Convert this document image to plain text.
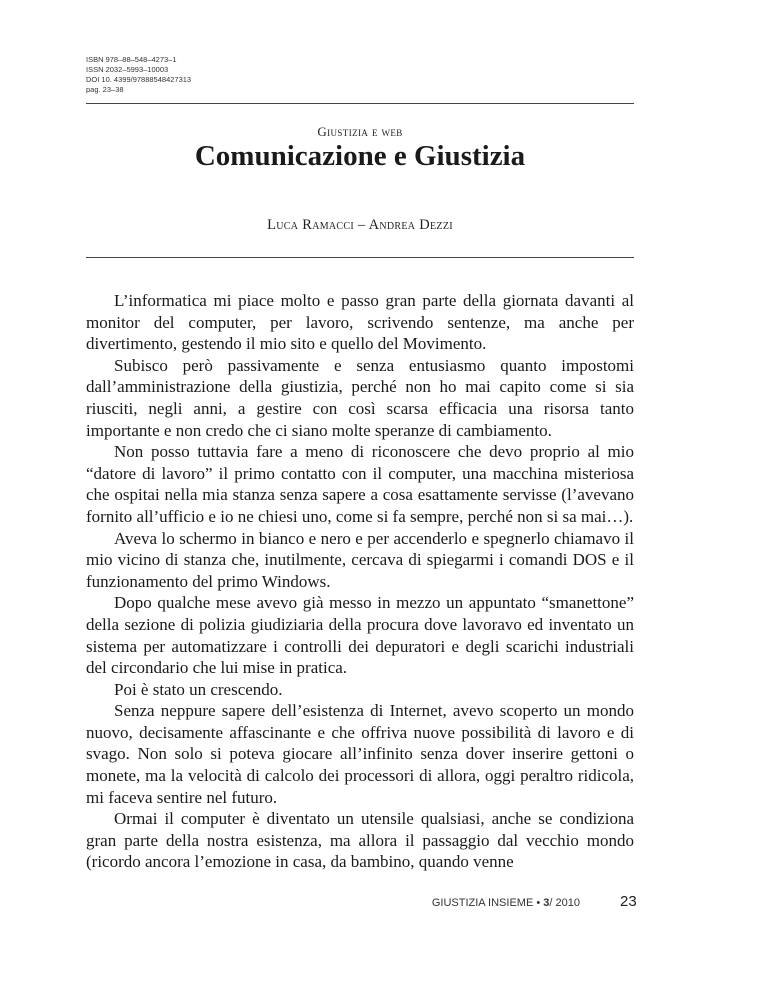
ISBN 978–88–548–4273–1
ISSN 2032–5993–10003
DOI 10. 4399/97888548427313
pag. 23–38
Giustizia e web
Comunicazione e Giustizia
Luca Ramacci – Andrea Dezzi

L’informatica mi piace molto e passo gran parte della giornata davanti al monitor del computer, per lavoro, scrivendo sentenze, ma anche per divertimento, gestendo il mio sito e quello del Movimento.

Subisco però passivamente e senza entusiasmo quanto impostomi dall’amministrazione della giustizia, perché non ho mai capito come si sia riusciti, negli anni, a gestire con così scarsa efficacia una risorsa tanto importante e non credo che ci siano molte speranze di cambiamento.

Non posso tuttavia fare a meno di riconoscere che devo proprio al mio “datore di lavoro” il primo contatto con il computer, una macchina misteriosa che ospitai nella mia stanza senza sapere a cosa esattamente servisse (l’avevano fornito all’ufficio e io ne chiesi uno, come si fa sempre, perché non si sa mai…).

Aveva lo schermo in bianco e nero e per accenderlo e spegnerlo chiamavo il mio vicino di stanza che, inutilmente, cercava di spiegarmi i comandi DOS e il funzionamento del primo Windows.

Dopo qualche mese avevo già messo in mezzo un appuntato “smanettone” della sezione di polizia giudiziaria della procura dove lavoravo ed inventato un sistema per automatizzare i controlli dei depuratori e degli scarichi industriali del circondario che lui mise in pratica.

Poi è stato un crescendo.

Senza neppure sapere dell’esistenza di Internet, avevo scoperto un mondo nuovo, decisamente affascinante e che offriva nuove possibilità di lavoro e di svago. Non solo si poteva giocare all’infinito senza dover inserire gettoni o monete, ma la velocità di calcolo dei processori di allora, oggi peraltro ridicola, mi faceva sentire nel futuro.

Ormai il computer è diventato un utensile qualsiasi, anche se condiziona gran parte della nostra esistenza, ma allora il passaggio dal vecchio mondo (ricordo ancora l’emozione in casa, da bambino, quando venne

GIUSTIZIA INSIEME • 3/ 2010	23
